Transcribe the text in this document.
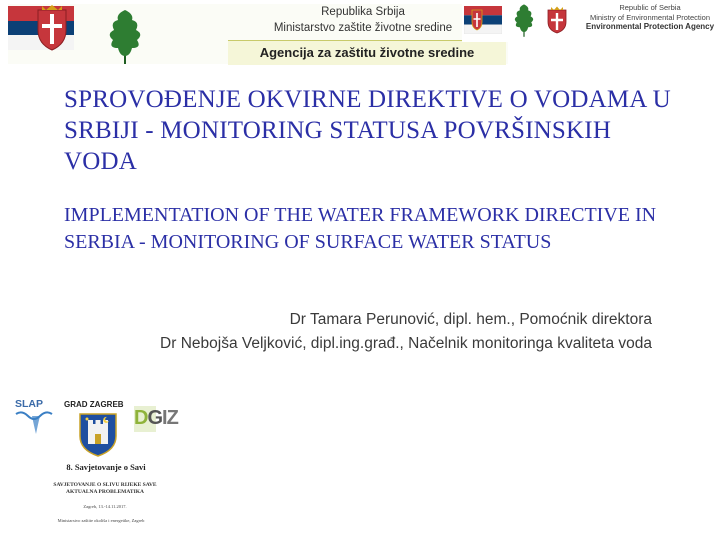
Republika Srbija
Ministarstvo zaštite životne sredine
Agencija za zaštitu životne sredine
Republic of Serbia
Ministry of Environmental Protection
Environmental Protection Agency
SPROVOĐENJE OKVIRNE DIREKTIVE O VODAMA U SRBIJI - MONITORING STATUSA POVRŠINSKIH VODA
IMPLEMENTATION OF THE WATER FRAMEWORK DIRECTIVE IN SERBIA - MONITORING OF SURFACE WATER STATUS
Dr Tamara Perunović, dipl. hem., Pomoćnik direktora
Dr Nebojša Veljković, dipl.ing.građ., Načelnik monitoringa kvaliteta voda
SLAP	GRAD ZAGREB
DGIZ
8. Savjetovanje o Savi
SAVJETOVANJE O SLIVU RIJEKE SAVE
AKTUALNA PROBLEMATIKA
Zagreb, 13.-14.11.2017.
Ministarstvo zaštite okoliša i energetike, Zagreb
